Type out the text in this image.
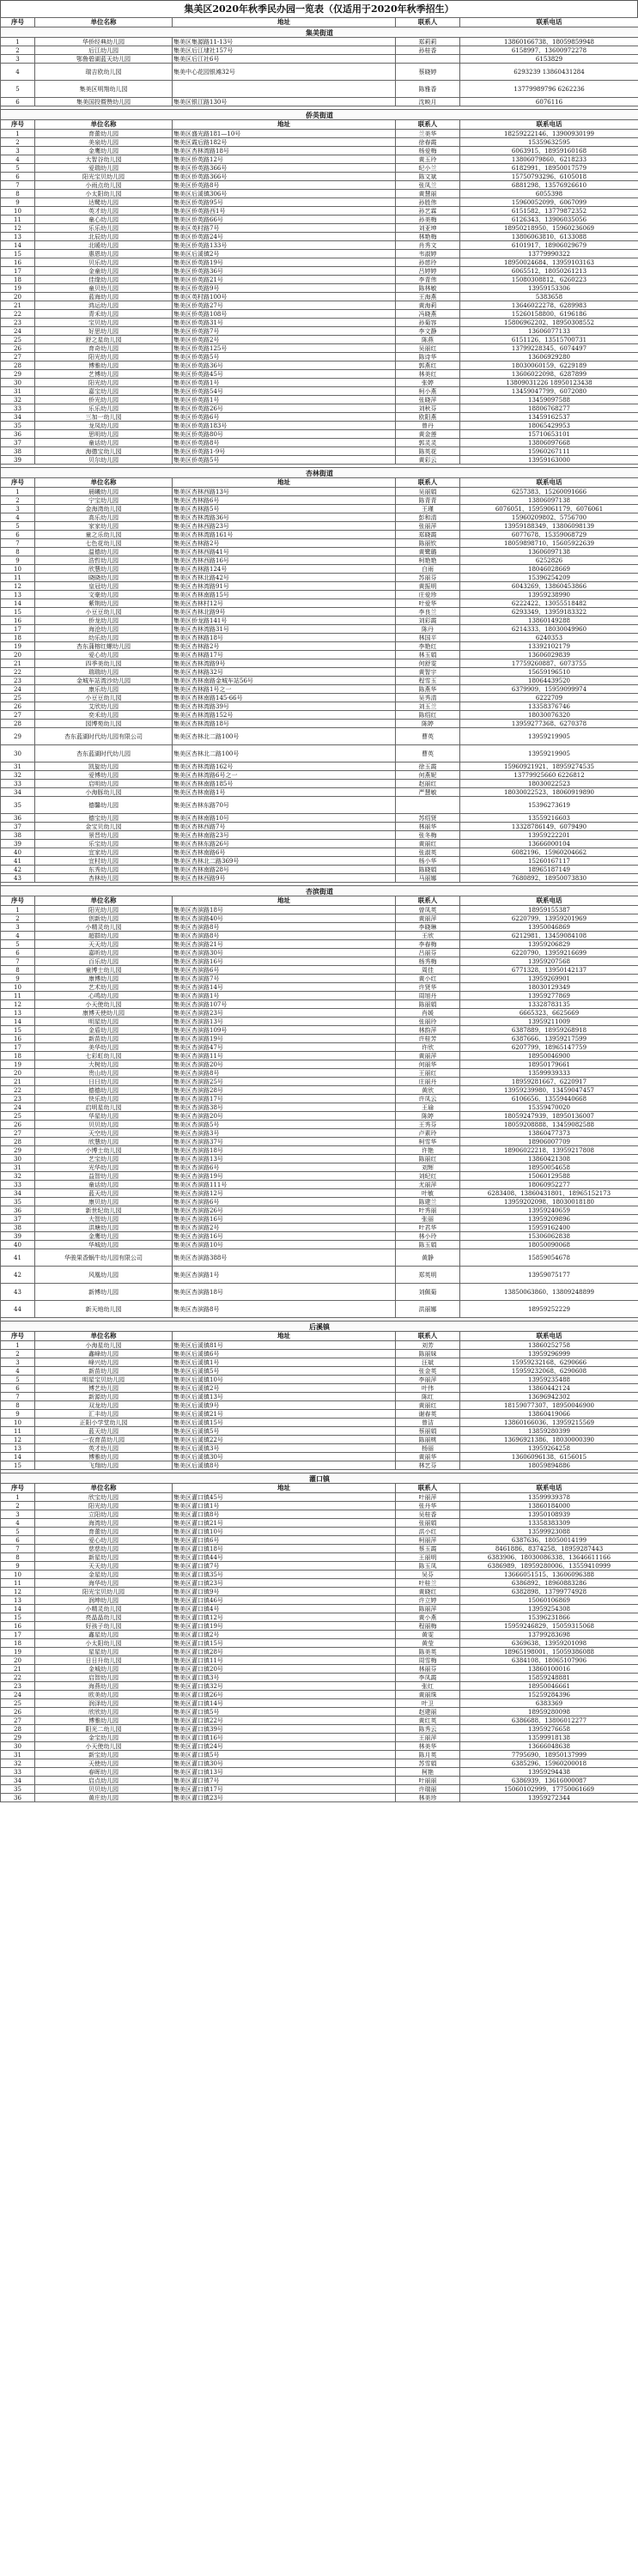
集美区2020年秋季民办园一览表（仅适用于2020年秋季招生）
序号	单位名称	地址	联系人	联系电话
集美街道				
1	华侨经典幼儿园	集美区集源路11-13号	郑莉莉	13860166738、18059859948
2	后江幼儿园	集美区后江埭社157号	孙桂香	6158997、13600972278
3	鄂鲁碧湖蓝天幼儿园	集美区后江社6号		6153829
4	瑞吉欧幼儿园	集美中心花园银滩32号	蔡晓婷	6293239 13860431284
5	集美区明翔幼儿园		陈雅香	13779989796 6262236
6	集美国投暨赞幼儿园	集美区银江路130号	沈映月	6076116

侨英街道				
序号	单位名称	地址	联系人	联系电话
1	育蕾幼儿园	集美区盛光路181—10号	兰美华	18259222146、13900930199
2	美泉幼儿园	集美区霞后路182号	徐春霞	15359632595
3	金鹰幼儿园	集美区杏林湾路18号	杨爱梅	6063915、18959160168
4	大智谷幼儿园	集美区侨英路12号	黄玉玲	13806079860、6218233
5	爱瑞幼儿园	集美区侨英路366号	纪小兰	6182991、18950017579
6	阳光宝贝幼儿园	集美区侨英路366号	陈文斌	15750793296、6105018
7	小雨点幼儿园	集美区侨英路8号	张凤兰	6881298、13576926610
8	小太阳幼儿园	集美区后溪镇306号	黄慧丽	6055398
9	达鹭幼儿园	集美区侨英路95号	孙胜伟	15960052099、6067099
10	英才幼儿园	集美区侨英路西1号	孙艺霖	6151582、13779872352
11	童心幼儿园	集美区侨英路66号	孙美梅	6126343、13906035056
12	乐乐幼儿园	集美区英村路7号	刘亚坤	18950218950、15960236069
13	北辰幼儿园	集美区侨英路24号	林艳梅	13806063810、6133088
14	北暖幼儿园	集美区侨英路133号	肖秀文	6101917、18906029679
15	惠恩幼儿园	集美区后溪镇2号	韦淑婷	13779990322
16	贝乐幼儿园	集美区侨英路19号	孙慈玲	18950024684、13959103163
17	金童幼儿园	集美区侨英路36号	吕婷婷	6065512、18050261213
18	佳缘幼儿园	集美区侨英路21号	李青伟	15080308812、6260223
19	童贝幼儿园	集美区侨英路9号	陈林敏	13959153306
20	蓝海幼儿园	集美区英村路100号	王海燕	5383658
21	鸿运幼儿园	集美区侨英路27号	黄海莉	13646022278、6289983
22	青禾幼儿园	集美区侨英路108号	冯晓燕	15260158800、6196186
23	宝贝幼儿园	集美区侨英路31号	孙菊容	15806962202、18950308552
24	好思幼儿园	集美区侨英路7号	李文静	13606077133
25	舒之星幼儿园	集美区侨英路2号	陈燕	6151126、13515700731
26	育奇幼儿园	集美区侨英路125号	吴丽红	13799228345、6074497
27	阳光幼儿园	集美区侨英路5号	陈诗华	13606929280
28	博雅幼儿园	集美区侨英路36号	郭燕红	18030060159、6229189
29	艺博幼儿园	集美区侨英路45号	林美红	13606022098、6287899
30	阳光幼儿园	集美区侨英路1号	张婷	13809031226 18950123438
31	嘉宝幼儿园	集美区侨英路54号	柯小燕	13459047799、6072080
32	侨光幼儿园	集美区侨英路1号	张晓萍	13459097588
33	乐乐幼儿园	集美区侨英路26号	刘秋芬	18806768277
34	三加一幼儿园	集美区侨英路6号	欧阳燕	13459162537
35	龙凤幼儿园	集美区侨英路183号	曾丹	18065429953
36	思明幼儿园	集美区侨英路80号	黄金莲	15710653101
37	童话幼儿园	集美区侨英路8号	郭灵灵	13806097668
38	海德宝幼儿园	集美区侨英路1-9号	陈英花	15960267111
39	贝尔幼儿园	集美区侨英路5号	黄彩云	13959163000

杏林街道				
序号	单位名称	地址	联系人	联系电话
1	晨曦幼儿园	集美区杏林西路13号	吴丽娟	6257383、15260091666
2	宁宝幼儿园	集美区杏林路6号	陈青青	13806097138
3	金海湾幼儿园	集美区杏林路5号	王瑾	6076051、15959061179、6076061
4	高乐幼儿园	集美区杏林湾路36号	彭和清	15960209802、5756700
5	家家幼儿园	集美区杏林西路23号	张丽萍	13959188349、13806098139
6	童之乐幼儿园	集美区杏林湾路161号	郑晓霞	6077678、15359068729
7	七色花幼儿园	集美区杏林路2号	陈丽钦	18059898710、15605922639
8	温德幼儿园	集美区杏林西路41号	黄鹭璐	13606097138
9	浩哲幼儿园	集美区杏林西路16号	柯艳艳	6252826
10	欣慧幼儿园	集美区杏林路124号	白雨	18046028669
11	晓晓幼儿园	集美区杏林北路42号	苏丽芬	15396254209
12	皇冠幼儿园	集美区杏林湾路91号	黄振明	6043269、13860453866
13	文豪幼儿园	集美区杏林南路15号	庄爱珍	13959238990
14	紫荆幼儿园	集美区杏林村12号	叶爱华	6222422、13055518482
15	小豆豆幼儿园	集美区杏林北路9号	李良兰	6293349、13959183322
16	侨龙幼儿园	集美区侨龙路141号	刘彩霞	13860149288
17	海沧幼儿园	集美区杏林湾路31号	陈丹	6214333、18030049960
18	幼乐幼儿园	集美区杏林路18号	林国平	6240353
19	杏东蒲榕红螺幼儿园	集美区杏林路2号	李艳红	13392102179
20	爱心幼儿园	集美区杏林路17号	林玉娟	13606029839
21	四季美幼儿园	集美区杏林湾路9号	何舒雯	17759260887、6073755
22	瑞瑞幼儿园	集美区杏林路32号	黄智宇	15659196510
23	金城车站湾沙幼儿园	集美区杏林南路金城车站56号	程雪玉	18064439520
24	康乐幼儿园	集美区杏林路1号之一	陈燕华	6379909、15959099974
25	小豆豆幼儿园	集美区杏林南路145-66号	吴秀清	6222709
26	艾欣幼儿园	集美区杏林湾路39号	刘玉兰	13358376746
27	奕禾幼儿园	集美区杏林湾路152号	陈绍红	18030076320
28	园博苑幼儿园	集美区杏林湾路18号	陈婷	13959277368、6270378
29	杏东蓝湖时代幼儿园有限公司	集美区杏林北二路100号	曹英	13959219905
30	杏东蓝湖时代幼儿园	集美区杏林北二路100号	曹英	13959219905
31	凯旋幼儿园	集美区杏林湾路162号	徐玉霞	15960921921、18959274535
32	爱博幼儿园	集美区杏林湾路6号之一	何燕妮	13779925660 6226812
33	启明幼儿园	集美区杏林南路185号	赵丽红	18030022523
34	小海豚幼儿园	集美区杏林南路1号	严慧敏	18030022523、18060919890
35	德馨幼儿园	集美区杏林东路70号		15396273619
36	德宝幼儿园	集美区杏林南路10号	苏绍贤	13559216603
37	金宝贝幼儿园	集美区杏林西路7号	林丽华	13328786149、6079490
38	景晋幼儿园	集美区杏林南路23号	张冬梅	13959222201
39	乐宝幼儿园	集美区杏林东路26号	黄丽红	13666000104
40	宜家幼儿园	集美区杏林南路6号	张淑英	6082196、15960204662
41	宜村幼儿园	集美区杏林北二路369号	杨小华	15260167117
42	东秀幼儿园	集美区杏林南路28号	陈晓娟	18965187149
43	杏林幼儿园	集美区杏林西路9号	马丽娜	7680892、18950073830

杏滨街道				
序号	单位名称	地址	联系人	联系电话
1	阳光幼儿园	集美区杏滨路18号	曾凤英	18959155387
2	创新幼儿园	集美区杏滨路40号	黄丽萍	6220799、13959201969
3	小精灵幼儿园	集美区杏滨路8号	李晓琳	13950046869
4	超群幼儿园	集美区杏滨路8号	王欣	6212981、13459084108
5	天天幼儿园	集美区杏滨路21号	李春梅	13959206829
6	嘉昕幼儿园	集美区杏滨路30号	吕丽芬	6220790、13959216699
7	百乐幼儿园	集美区杏滨路16号	杨秀梅	13959207568
8	童博士幼儿园	集美区杏滨路6号	周佳	6771328、13950142137
9	康博幼儿园	集美区杏滨路7号	黄小红	13959269901
10	艺术幼儿园	集美区杏滨路14号	许贤华	18030129349
11	心鸣幼儿园	集美区杏滨路1号	周旭丹	13959277869
12	小天使幼儿园	集美区杏滨路107号	陈丽娟	13328783135
13	康博天使幼儿园	集美区杏滨路23号	肖媛	6665323、6625669
14	明星幼儿园	集美区杏滨路13号	张丽玲	13959211009
15	金盾幼儿园	集美区杏滨路109号	林韵萍	6387889、18959268918
16	新苗幼儿园	集美区杏滨路19号	许桂芳	6387666、13959217599
17	美华幼儿园	集美区杏滨路47号	许欣	6207799、18965147759
18	七彩虹幼儿园	集美区杏滨路11号	黄丽萍	18950046900
19	大树幼儿园	集美区杏滨路20号	何丽华	18950179661
20	贵山幼儿园	集美区杏滨路8号	王丽红	13599939333
21	日日幼儿园	集美区杏滨路25号	庄丽丹	18959281667、6220917
22	德德幼儿园	集美区杏滨路28号	黄欣	13959239980、13459047457
23	快乐幼儿园	集美区杏滨路17号	许凤云	6106656、13559440668
24	启明星幼儿园	集美区杏滨路38号	王瑜	15359470020
25	华星幼儿园	集美区杏滨路20号	陈婷	18059247939、18950136007
26	贝贝幼儿园	集美区杏滨路5号	王秀芬	18059208888、13459082588
27	天空幼儿园	集美区杏滨路3号	卢素玲	13860477373
28	欣慧幼儿园	集美区杏滨路37号	柯雪华	18906007709
29	小博士幼儿园	集美区杏滨路18号	许艳	18906022218、13959217808
30	艺宝幼儿园	集美区杏滨路13号	陈丽红	13860421308
31	光华幼儿园	集美区杏滨路6号	刘辉	18950054658
32	益智幼儿园	集美区杏滨路19号	刘纪红	15060129588
33	童话幼儿园	集美区杏滨路111号	尤丽萍	18060952277
34	蓝天幼儿园	集美区杏滨路12号	叶敏	6283408、13860431801、18965152173
35	康贝幼儿园	集美区杏滨路6号	陈建兰	13959202098、18030018180
36	新世纪幼儿园	集美区杏滨路26号	叶秀丽	13959240659
37	大智幼儿园	集美区杏滨路16号	张丽	13959209896
38	洪塘幼儿园	集美区杏滨路2号	叶君华	15959162400
39	金鹰幼儿园	集美区杏滨路16号	林小玲	15306062838
40	华城幼儿园	集美区杏滨路10号	陈玉娟	18050090068
41	华骏果香蜗牛幼儿园有限公司	集美区杏滨路388号	黄静	15859054678
42	风凰幼儿园	集美区杏滨路1号	郑英明	13959075177
43	新博幼儿园	集美区杏滨路18号	刘佩菊	13850063860、13809248899
44	新天地幼儿园	集美区杏滨路8号	洪丽娜	18959252229

后溪镇				
序号	单位名称	地址	联系人	联系电话
1	小海星幼儿园	集美区后溪镇81号	刘芳	13860252758
2	鑫峰幼儿园	集美区后溪镇6号	陈丽妹	13959296999
3	峰兴幼儿园	集美区后溪镇1号	汪斌	15959232168、6290666
4	新苗幼儿园	集美区后溪镇5号	张金英	15959232068、6290608
5	明星宝贝幼儿园	集美区后溪镇10号	李丽萍	13959235488
6	博艺幼儿园	集美区后溪镇2号	叶伟	13860442124
7	新源幼儿园	集美区后溪镇13号	陈红	13696942302
8	双龙幼儿园	集美区后溪镇9号	黄丽红	18159077307、18950046900
9	汇丰幼儿园	集美区后溪镇21号	谢春英	13860419066
10	正阳小学堂幼儿园	集美区后溪镇15号	曾洁	13860166036、13959215569
11	蓝天幼儿园	集美区后溪镇5号	蔡丽娟	13859280399
12	一农育苗幼儿园	集美区后溪镇22号	陈丽桃	13696921386、18030000390
13	英才幼儿园	集美区后溪镇3号	杨丽	13959264258
14	博雅幼儿园	集美区后溪镇30号	黄丽华	13606096138、6156015
15	飞翔幼儿园	集美区后溪镇8号	林艺芬	18059894886

灌口镇				
序号	单位名称	地址	联系人	联系电话
1	欣宝幼儿园	集美区灌口镇45号	叶丽萍	13599939378
2	阳光幼儿园	集美区灌口镇1号	张丹华	13860184000
3	立阳幼儿园	集美区灌口镇8号	吴桂香	13950108939
4	海湾幼儿园	集美区灌口镇21号	张丽娟	13358383309
5	育蕾幼儿园	集美区灌口镇10号	洪小红	13599923088
6	爱心幼儿园	集美区灌口镇6号	柯丽萍	6387636、18050014199
7	慈慈幼儿园	集美区灌口镇18号	蔡玉霞	8461886、8374258、18959287443
8	新星幼儿园	集美区灌口镇44号	王丽明	6383906、18030086338、13646611166
9	天天幼儿园	集美区灌口镇7号	陈玉凤	6386989、18959280006、13559410999
10	金星幼儿园	集美区灌口镇35号	吴芬	13666051515、13606096388
11	海华幼儿园	集美区灌口镇23号	叶桂兰	6386892、18960883286
12	阳光宝贝幼儿园	集美区灌口镇9号	黄晓红	6382898、13799774928
13	润坤幼儿园	集美区灌口镇46号	许立婷	15060106869
14	小精灵幼儿园	集美区灌口镇4号	陈丽萍	13959254308
15	亮晶晶幼儿园	集美区灌口镇12号	黄小燕	15396231866
16	好孩子幼儿园	集美区灌口镇19号	程丽梅	15959246829、15059315068
17	鑫星幼儿园	集美区灌口镇2号	黄雯	13799283698
18	小太阳幼儿园	集美区灌口镇15号	黄莹	6369638、13959201098
19	星星幼儿园	集美区灌口镇28号	陈美英	18965198001、15059386088
20	日日升幼儿园	集美区灌口镇11号	周雪梅	6384108、18065107906
21	金城幼儿园	集美区灌口镇20号	林丽芬	13860100016
22	启智幼儿园	集美区灌口镇3号	李凤霞	15859248881
23	海燕幼儿园	集美区灌口镇32号	张红	18950046661
24	欧美幼儿园	集美区灌口镇26号	黄丽珠	15259284396
25	润泽幼儿园	集美区灌口镇14号	叶卫	6383369
26	欣欣幼儿园	集美区灌口镇5号	赵建丽	18959280098
27	博雅幼儿园	集美区灌口镇22号	黄红英	6386688、13806012277
28	阳光二幼儿园	集美区灌口镇39号	陈秀云	13959276658
29	金宝幼儿园	集美区灌口镇16号	王丽萍	13599918138
30	小天使幼儿园	集美区灌口镇24号	林美华	13666048638
31	新宝幼儿园	集美区灌口镇5号	陈月英	7795690、18950137999
32	天使幼儿园	集美区灌口镇30号	苏雪娟	6385296、15960200018
33	春晖幼儿园	集美区灌口镇13号	柯艳	13959294438
34	启点幼儿园	集美区灌口镇7号	叶丽丽	6386939、13616000087
35	贝贝幼儿园	集美区灌口镇17号	许瑞丽	15060102999、17750061669
36	黄庄幼儿园	集美区灌口镇23号	林美珍	13959272344
